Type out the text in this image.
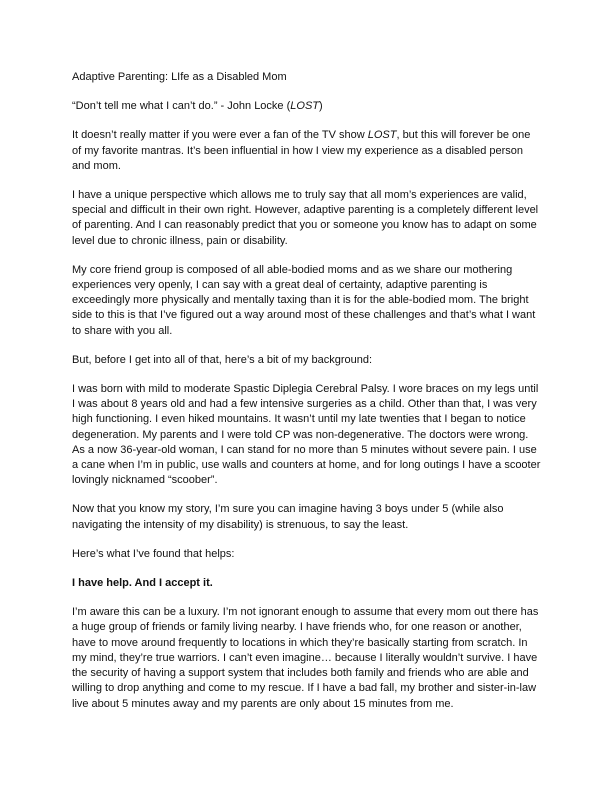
Adaptive Parenting: LIfe as a Disabled Mom

“Don’t tell me what I can’t do.” - John Locke (LOST)

It doesn’t really matter if you were ever a fan of the TV show LOST, but this will forever be one of my favorite mantras. It’s been influential in how I view my experience as a disabled person and mom.

I have a unique perspective which allows me to truly say that all mom’s experiences are valid, special and difficult in their own right. However, adaptive parenting is a completely different level of parenting. And I can reasonably predict that you or someone you know has to adapt on some level due to chronic illness, pain or disability.

My core friend group is composed of all able-bodied moms and as we share our mothering experiences very openly, I can say with a great deal of certainty, adaptive parenting is exceedingly more physically and mentally taxing than it is for the able-bodied mom. The bright side to this is that I’ve figured out a way around most of these challenges and that’s what I want to share with you all.

But, before I get into all of that, here’s a bit of my background:

I was born with mild to moderate Spastic Diplegia Cerebral Palsy. I wore braces on my legs until I was about 8 years old and had a few intensive surgeries as a child. Other than that, I was very high functioning. I even hiked mountains. It wasn’t until my late twenties that I began to notice degeneration. My parents and I were told CP was non-degenerative. The doctors were wrong. As a now 36-year-old woman, I can stand for no more than 5 minutes without severe pain. I use a cane when I’m in public, use walls and counters at home, and for long outings I have a scooter lovingly nicknamed “scoober”.

Now that you know my story, I’m sure you can imagine having 3 boys under 5 (while also navigating the intensity of my disability) is strenuous, to say the least.

Here’s what I’ve found that helps:

I have help. And I accept it.

I’m aware this can be a luxury. I’m not ignorant enough to assume that every mom out there has a huge group of friends or family living nearby. I have friends who, for one reason or another, have to move around frequently to locations in which they’re basically starting from scratch. In my mind, they’re true warriors. I can’t even imagine… because I literally wouldn’t survive. I have the security of having a support system that includes both family and friends who are able and willing to drop anything and come to my rescue. If I have a bad fall, my brother and sister-in-law live about 5 minutes away and my parents are only about 15 minutes from me.
